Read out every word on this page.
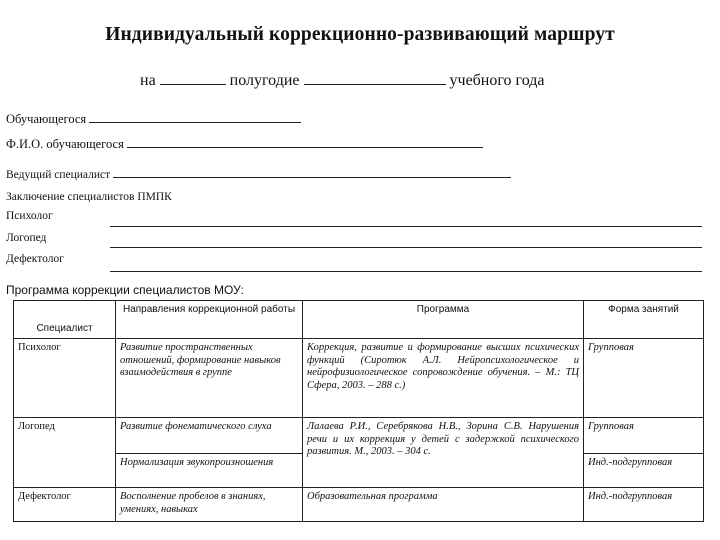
Индивидуальный коррекционно-развивающий маршрут
на	полугодие	учебного года
Обучающегося
Ф.И.О. обучающегося
Ведущий специалист
Заключение специалистов ПМПК
Психолог
Логопед
Дефектолог
Программа коррекции специалистов МОУ:
Специалист	Направления коррекционной работы	Программа	Форма занятий
Психолог	Развитие пространственных отношений, формирование навыков взаимодействия в группе	Коррекция, развитие и формирование высших психических функций (Сиротюк А.Л. Нейропсихологическое и нейрофизиологическое сопровождение обучения. – М.: ТЦ Сфера, 2003. – 288 с.)	Групповая
Логопед	Развитие фонематического слуха	Лалаева Р.И., Серебрякова Н.В., Зорина С.В. Нарушения речи и их коррекция у детей с задержкой психического развития. М., 2003. – 304 с.	Групповая
	Нормализация звукопроизношения		Инд.-подгрупповая
Дефектолог	Восполнение пробелов в знаниях, умениях, навыках	Образовательная программа	Инд.-подгрупповая
